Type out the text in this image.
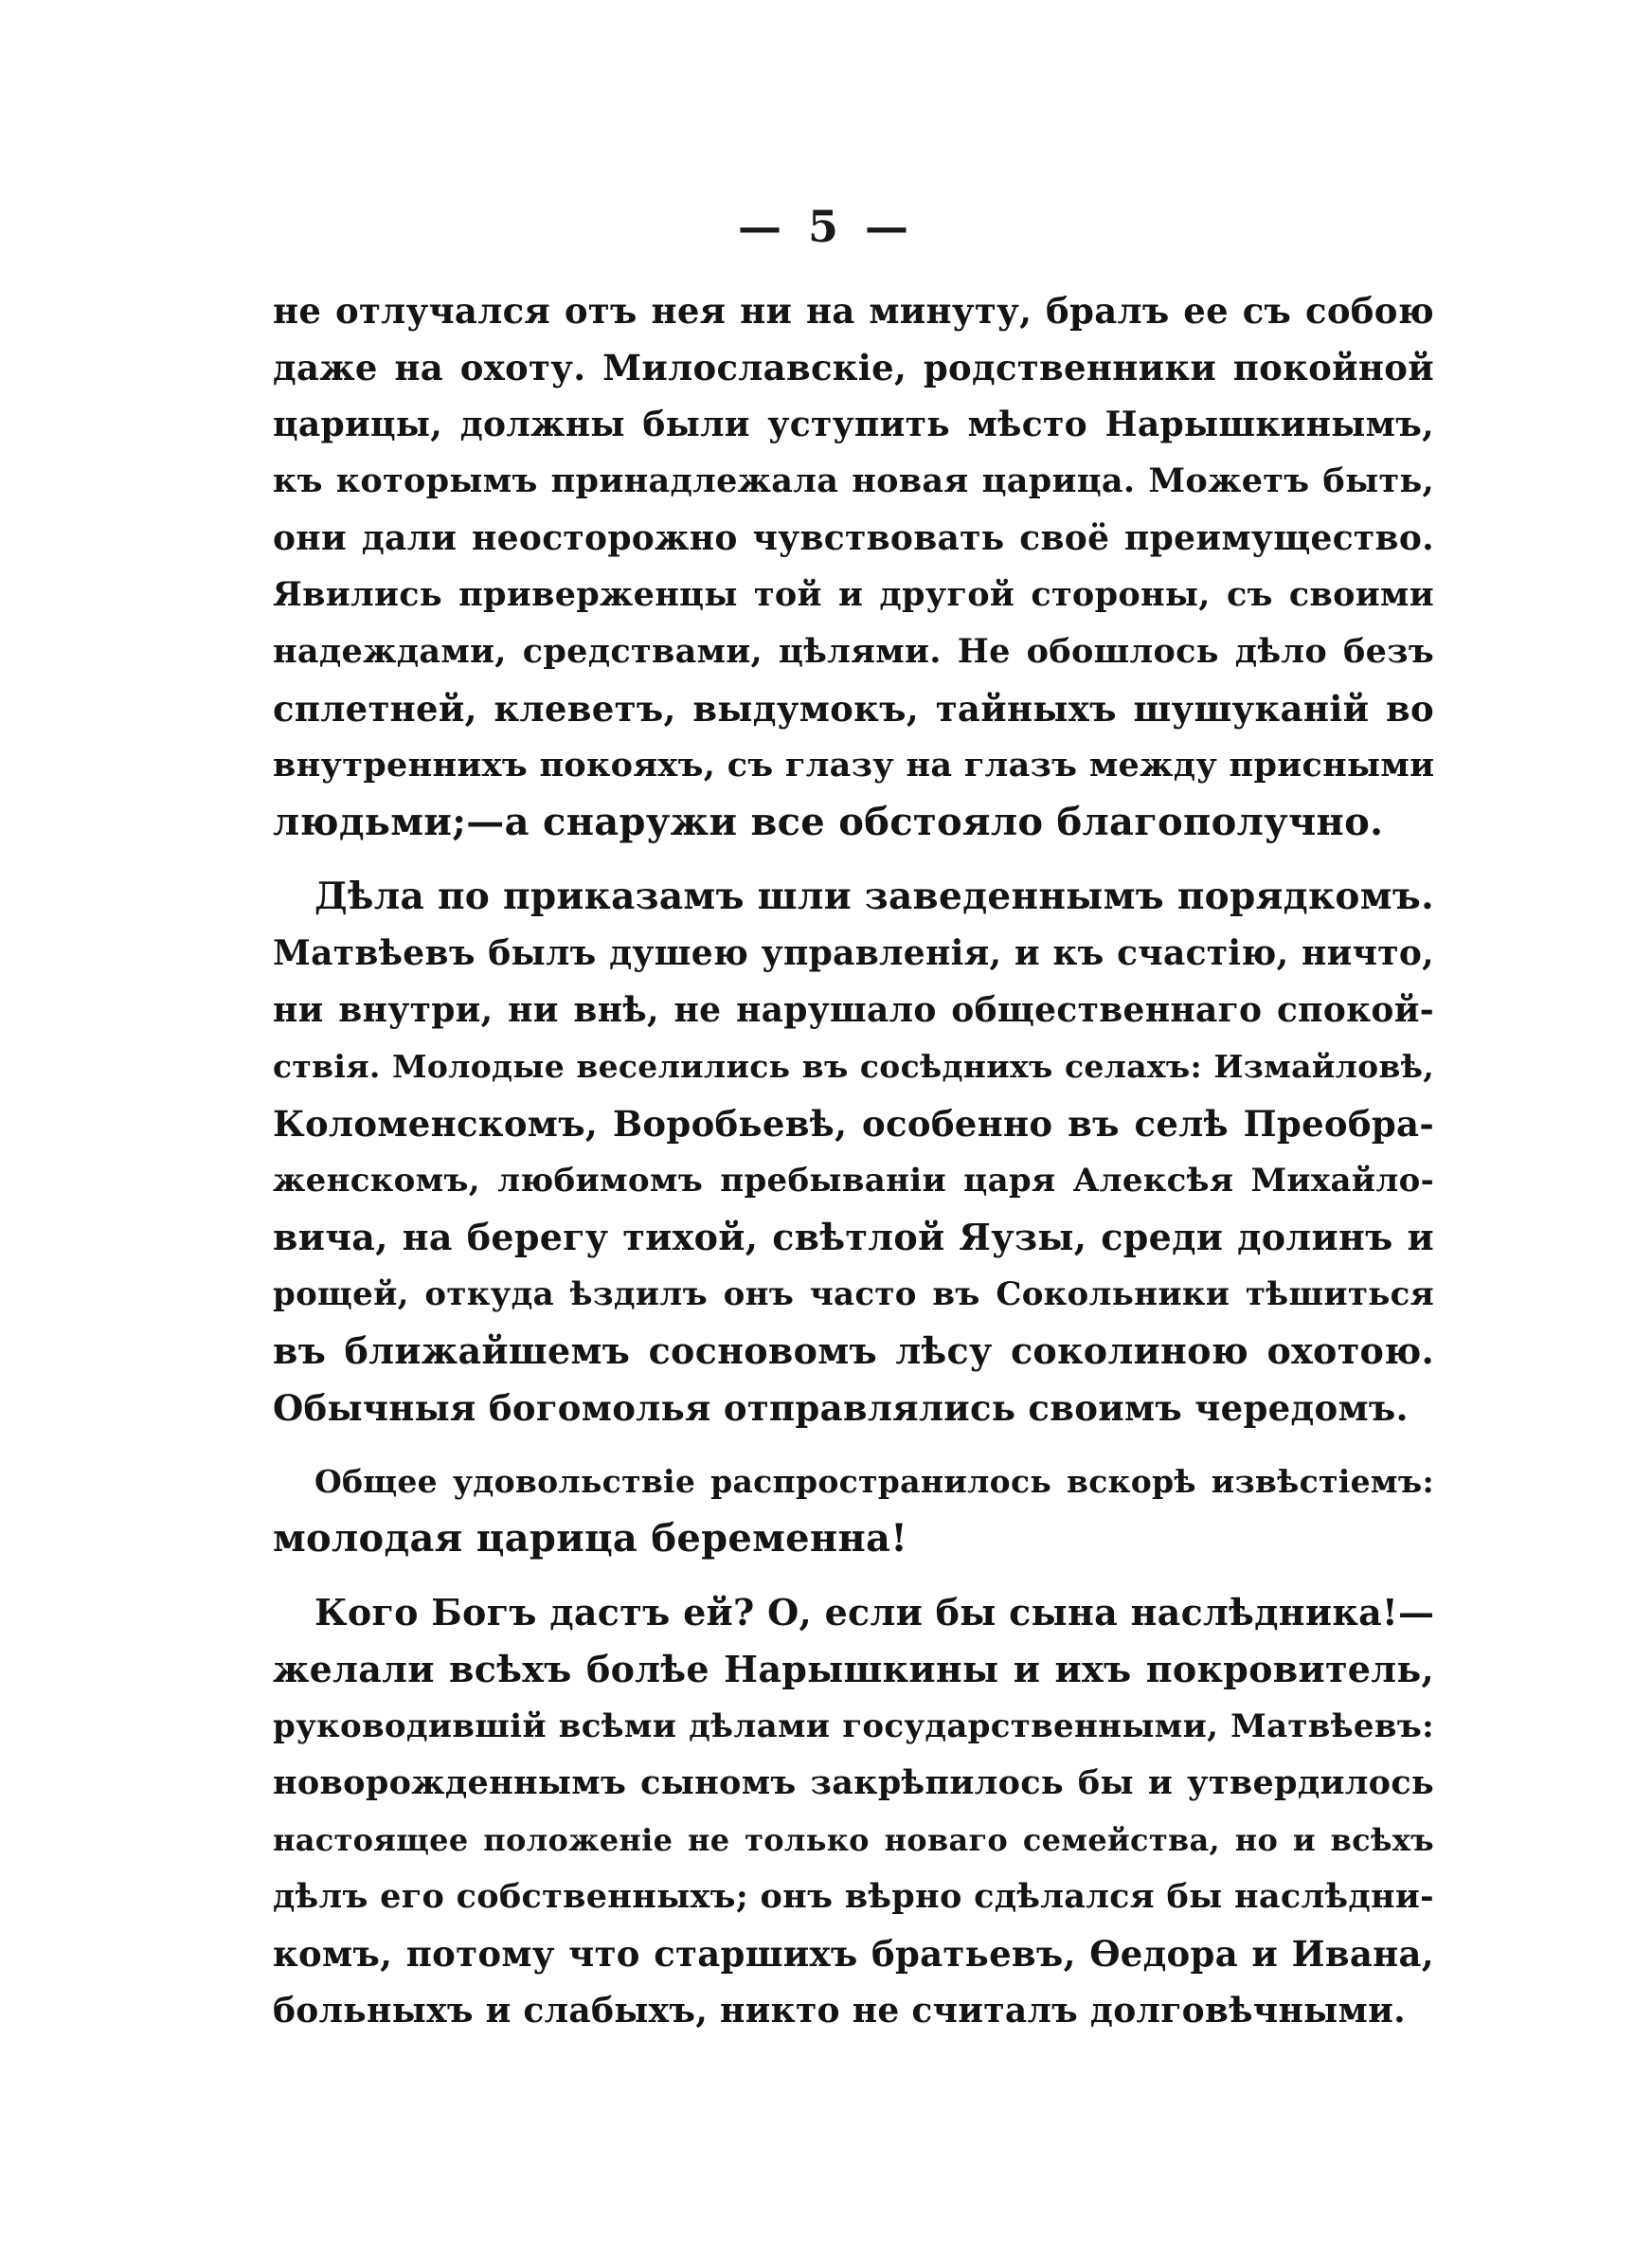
— 5 —
не отлучался отъ нея ни на минуту, бралъ ее съ собою
даже на охоту. Милославскіе, родственники покойной
царицы, должны были уступить мѣсто Нарышкинымъ,
къ которымъ принадлежала новая царица. Можетъ быть,
они дали неосторожно чувствовать своё преимущество.
Явились приверженцы той и другой стороны, съ своими
надеждами, средствами, цѣлями. Не обошлось дѣло безъ
сплетней, клеветъ, выдумокъ, тайныхъ шушуканій во
внутреннихъ покояхъ, съ глазу на глазъ между присными
людьми;—а снаружи все обстояло благополучно.
Дѣла по приказамъ шли заведеннымъ порядкомъ.
Матвѣевъ былъ душею управленія, и къ счастію, ничто,
ни внутри, ни внѣ, не нарушало общественнаго спокой-
ствія. Молодые веселились въ сосѣднихъ селахъ: Измайловѣ,
Коломенскомъ, Воробьевѣ, особенно въ селѣ Преобра-
женскомъ, любимомъ пребываніи царя Алексѣя Михайло-
вича, на берегу тихой, свѣтлой Яузы, среди долинъ и
рощей, откуда ѣздилъ онъ часто въ Сокольники тѣшиться
въ ближайшемъ сосновомъ лѣсу соколиною охотою.
Обычныя богомолья отправлялись своимъ чередомъ.
Общее удовольствіе распространилось вскорѣ извѣстіемъ:
молодая царица беременна!
Кого Богъ дастъ ей? О, если бы сына наслѣдника!—
желали всѣхъ болѣе Нарышкины и ихъ покровитель,
руководившій всѣми дѣлами государственными, Матвѣевъ:
новорожденнымъ сыномъ закрѣпилось бы и утвердилось
настоящее положеніе не только новаго семейства, но и всѣхъ
дѣлъ его собственныхъ; онъ вѣрно сдѣлался бы наслѣдни-
комъ, потому что старшихъ братьевъ, Ѳедора и Ивана,
больныхъ и слабыхъ, никто не считалъ долговѣчными.
